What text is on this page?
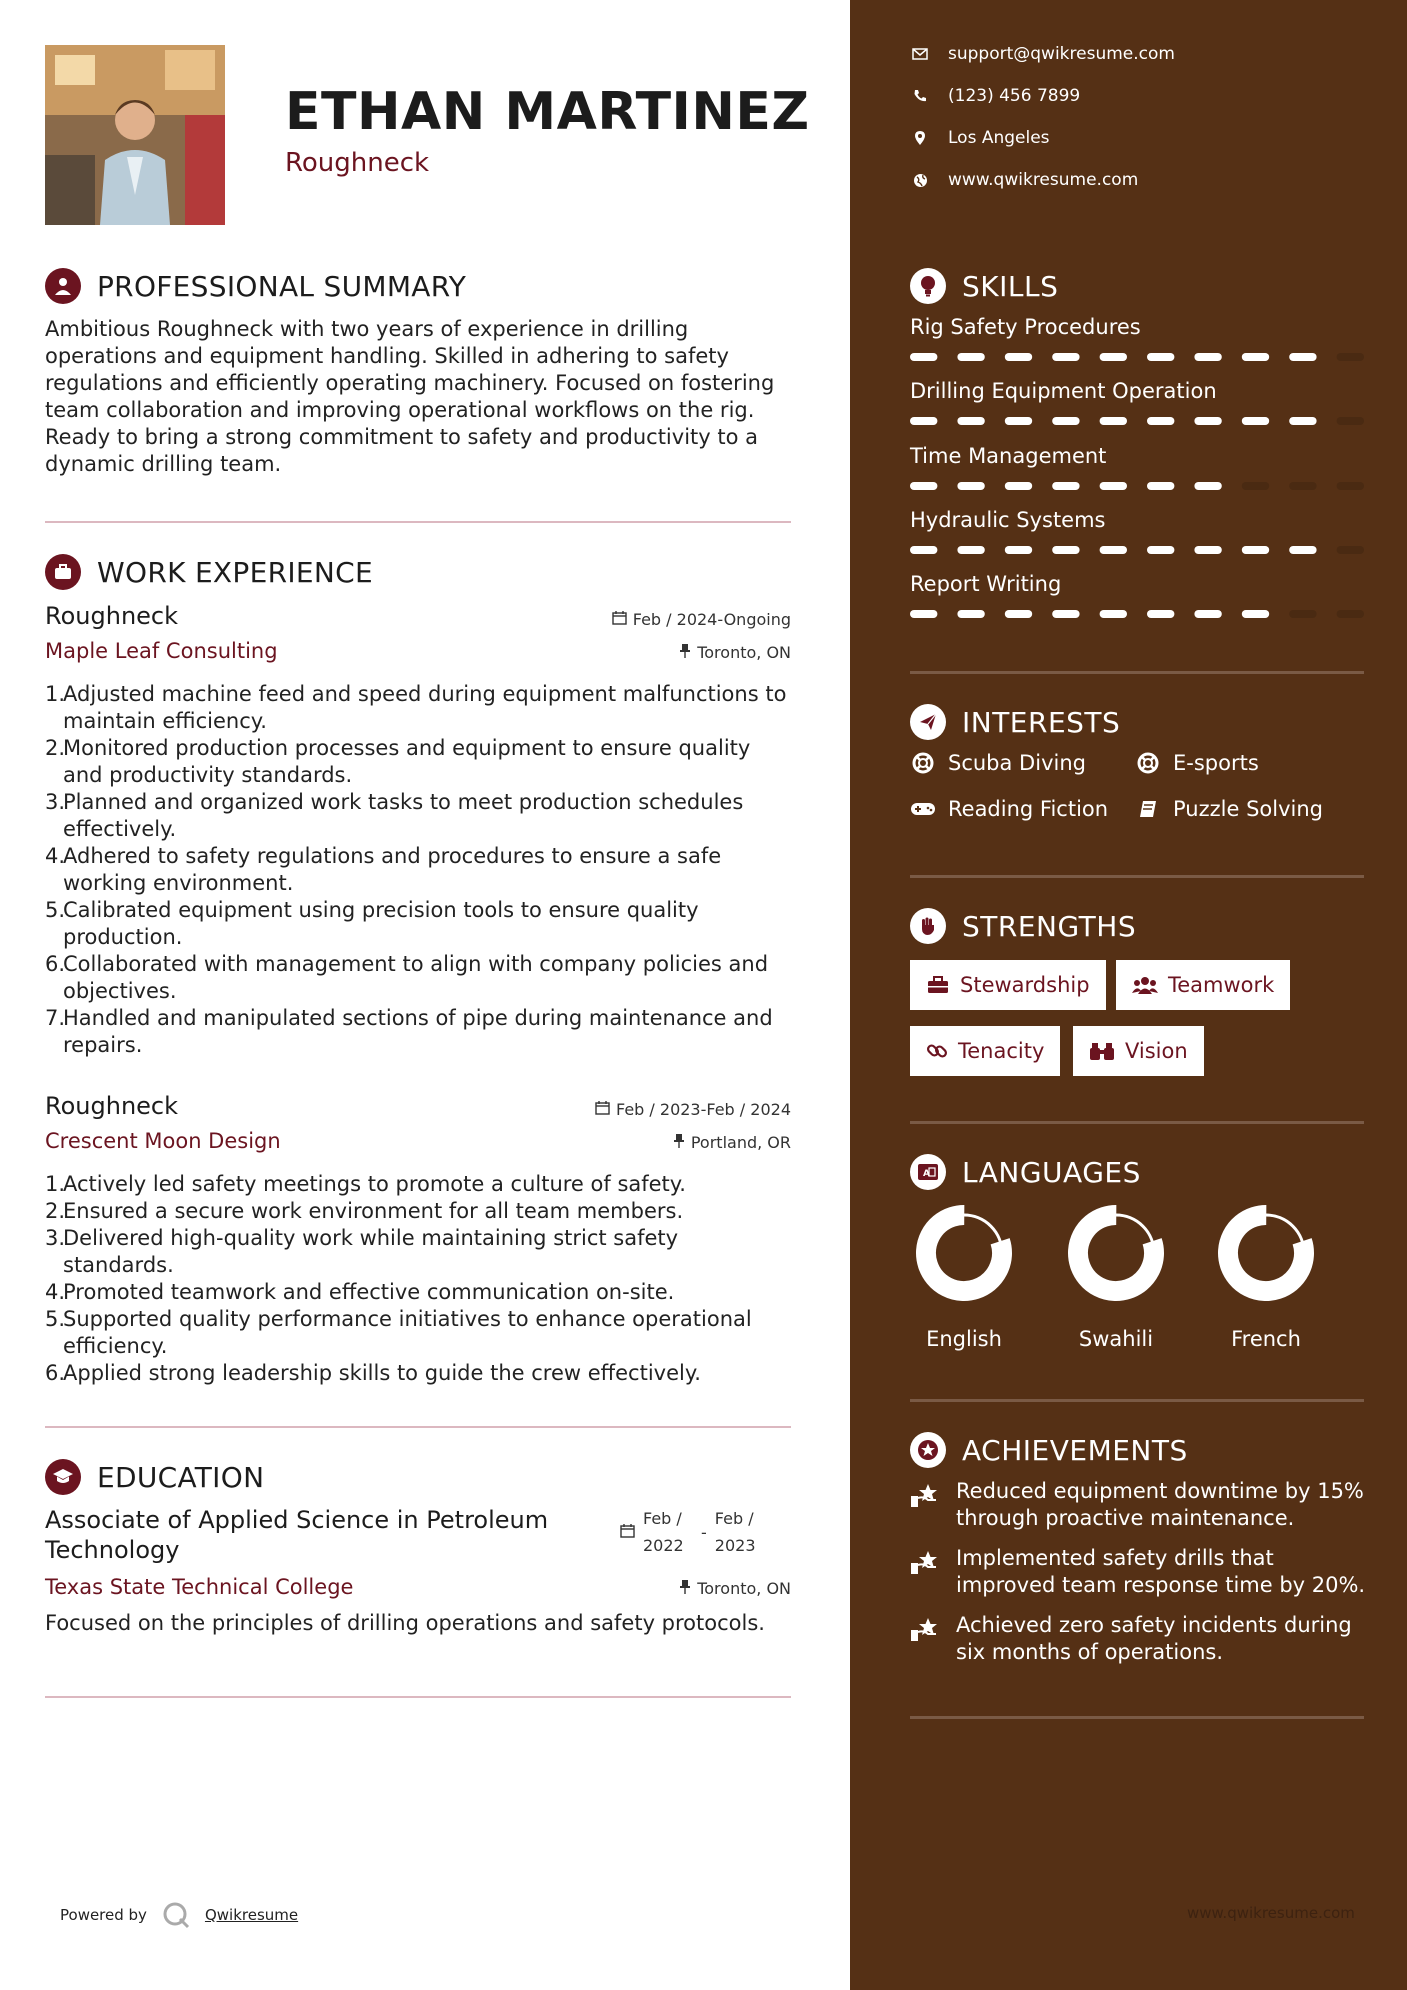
ETHAN MARTINEZ
Roughneck
PROFESSIONAL SUMMARY
Ambitious Roughneck with two years of experience in drilling
operations and equipment handling. Skilled in adhering to safety
regulations and efficiently operating machinery. Focused on fostering
team collaboration and improving operational workflows on the rig.
Ready to bring a strong commitment to safety and productivity to a
dynamic drilling team.
WORK EXPERIENCE
Roughneck	Feb / 2024-Ongoing
Maple Leaf Consulting	Toronto, ON
1.
Adjusted machine feed and speed during equipment malfunctions to
maintain efficiency.
2.
Monitored production processes and equipment to ensure quality
and productivity standards.
3.
Planned and organized work tasks to meet production schedules
effectively.
4.
Adhered to safety regulations and procedures to ensure a safe
working environment.
5.
Calibrated equipment using precision tools to ensure quality
production.
6.
Collaborated with management to align with company policies and
objectives.
7.
Handled and manipulated sections of pipe during maintenance and
repairs.
Roughneck	Feb / 2023-Feb / 2024
Crescent Moon Design	Portland, OR
1.
Actively led safety meetings to promote a culture of safety.
2.
Ensured a secure work environment for all team members.
3.
Delivered high-quality work while maintaining strict safety standards.
4.
Promoted teamwork and effective communication on-site.
5.
Supported quality performance initiatives to enhance operational
efficiency.
6.
Applied strong leadership skills to guide the crew effectively.
EDUCATION
Associate of Applied Science in Petroleum
Technology
Feb /
2022
-
Feb /
2023
Texas State Technical College	Toronto, ON
Focused on the principles of drilling operations and safety protocols.
Powered by	Qwikresume
support@qwikresume.com
(123) 456 7899
Los Angeles
www.qwikresume.com
SKILLS
Rig Safety Procedures
Drilling Equipment Operation
Time Management
Hydraulic Systems
Report Writing
INTERESTS
Scuba Diving	E-sports
Reading Fiction	Puzzle Solving
STRENGTHS
Stewardship	Teamwork
Tenacity	Vision
A LANGUAGES
English	Swahili	French
ACHIEVEMENTS
Reduced equipment downtime by 15%
through proactive maintenance.
Implemented safety drills that
improved team response time by 20%.
Achieved zero safety incidents during
six months of operations.
www.qwikresume.com
